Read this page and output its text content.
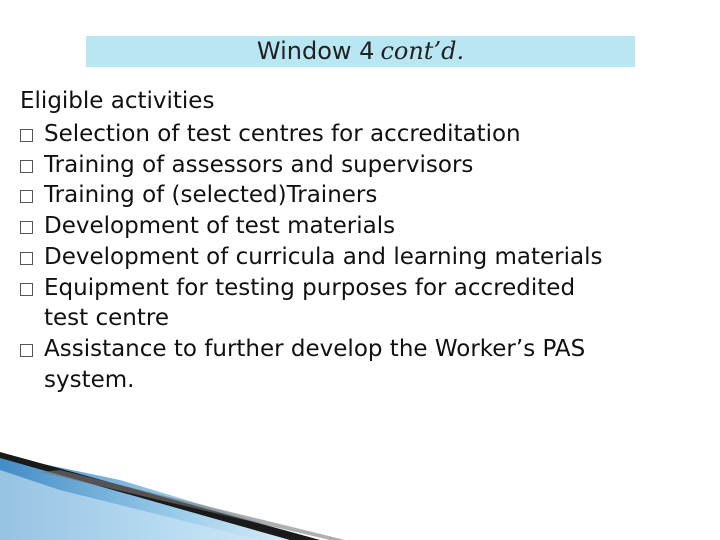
Window 4 cont’d.
Eligible activities
Selection of test centres for accreditation
Training of assessors and supervisors
Training of (selected)Trainers
Development of test materials
Development of curricula and learning materials
Equipment for testing purposes for accredited
test centre
Assistance to further develop the Worker’s PAS
system.
